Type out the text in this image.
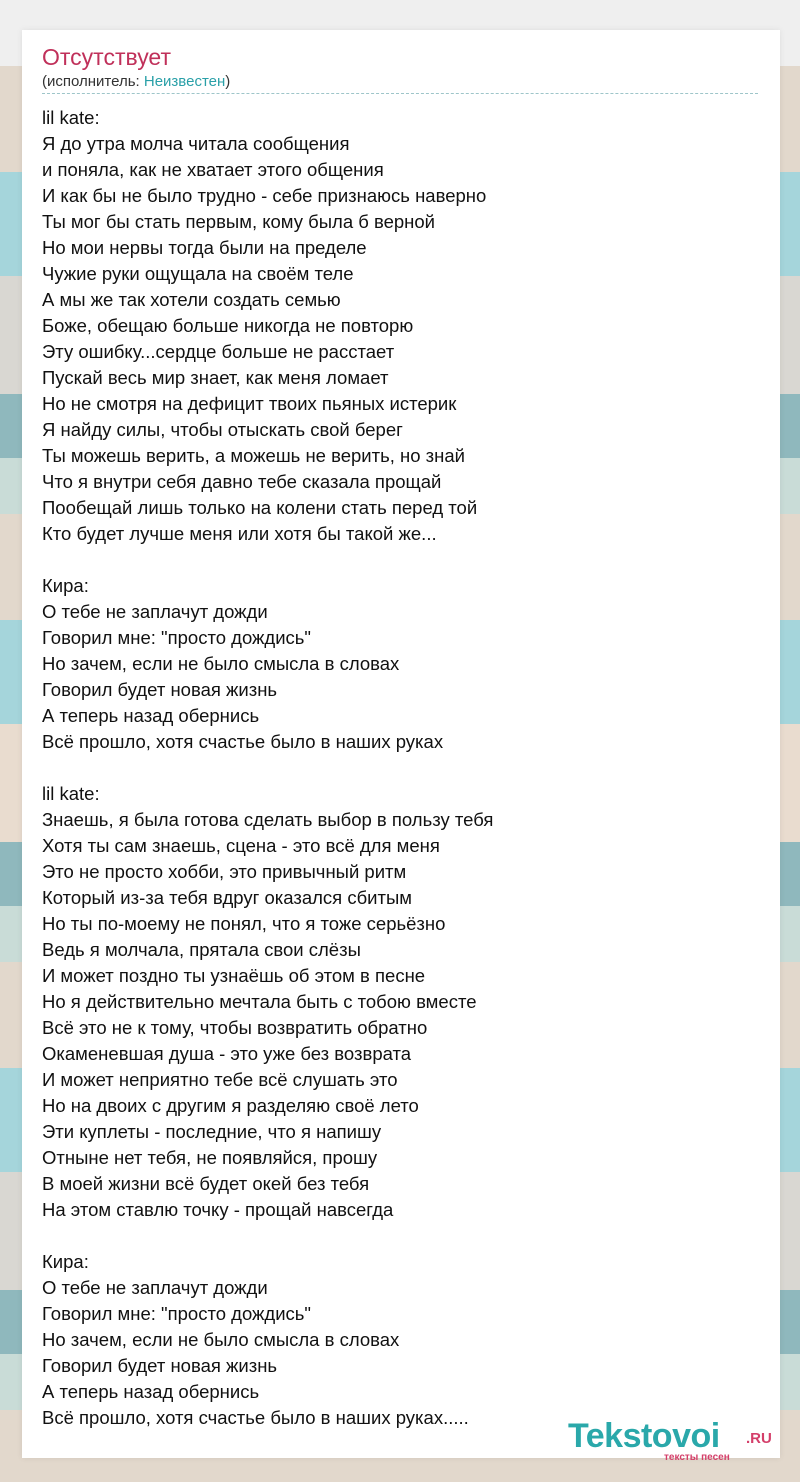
Отсутствует
(исполнитель: Неизвестен)
lil kate:
Я до утра молча читала сообщения
и поняла, как не хватает этого общения
И как бы не было трудно - себе признаюсь наверно
Ты мог бы стать первым, кому была б верной
Но мои нервы тогда были на пределе
Чужие руки ощущала на своём теле
А мы же так хотели создать семью
Боже, обещаю больше никогда не повторю
Эту ошибку...сердце больше не расстает
Пускай весь мир знает, как меня ломает
Но не смотря на дефицит твоих пьяных истерик
Я найду силы, чтобы отыскать свой берег
Ты можешь верить, а можешь не верить, но знай
Что я внутри себя давно тебе сказала прощай
Пообещай лишь только на колени стать перед той
Кто будет лучше меня или хотя бы такой же...
Кира:
О тебе не заплачут дожди
Говорил мне: "просто дождись"
Но зачем, если не было смысла в словах
Говорил будет новая жизнь
А теперь назад обернись
Всё прошло, хотя счастье было в наших руках
lil kate:
Знаешь, я была готова сделать выбор в пользу тебя
Хотя ты сам знаешь, сцена - это всё для меня
Это не просто хобби, это привычный ритм
Который из-за тебя вдруг оказался сбитым
Но ты по-моему не понял, что я тоже серьёзно
Ведь я молчала, прятала свои слёзы
И может поздно ты узнаёшь об этом в песне
Но я действительно мечтала быть с тобою вместе
Всё это не к тому, чтобы возвратить обратно
Окаменевшая душа - это уже без возврата
И может неприятно тебе всё слушать это
Но на двоих с другим я разделяю своё лето
Эти куплеты - последние, что я напишу
Отныне нет тебя, не появляйся, прошу
В моей жизни всё будет окей без тебя
На этом ставлю точку - прощай навсегда
Кира:
О тебе не заплачут дожди
Говорил мне: "просто дождись"
Но зачем, если не было смысла в словах
Говорил будет новая жизнь
А теперь назад обернись
Всё прошло, хотя счастье было в наших руках.....	Tekstovoi .RU
тексты песен
